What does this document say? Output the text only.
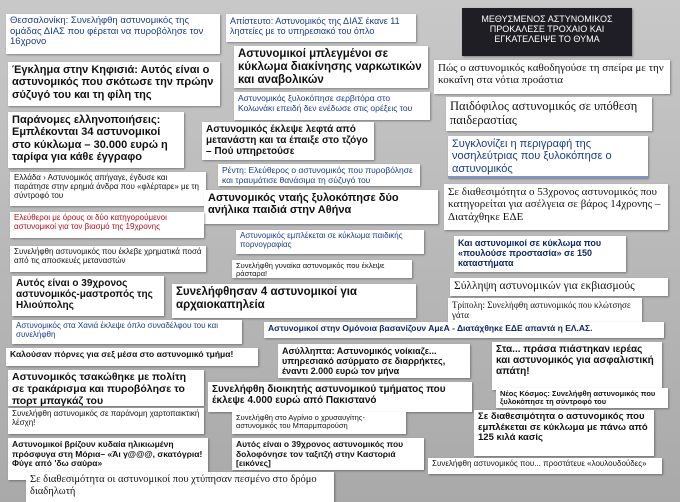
Θεσσαλονίκη: Συνελήφθη αστυνομικός της ομάδας ΔΙΑΣ που φέρεται να πυροβόλησε τον 16χρονο
Απίστευτο: Αστυνομικός της ΔΙΑΣ έκανε 11 ληστείες με το υπηρεσιακό του όπλο
ΜΕΘΥΣΜΕΝΟΣ ΑΣΤΥΝΟΜΙΚΟΣ ΠΡΟΚΑΛΕΣΕ ΤΡΟΧΑΙΟ ΚΑΙ ΕΓΚΑΤΕΛΕΙΨΕ ΤΟ ΘΥΜΑ
Αστυνομικοί μπλεγμένοι σε κύκλωμα διακίνησης ναρκωτικών και αναβολικών
Πώς ο αστυνομικός καθοδηγούσε τη σπείρα με την κοκαΐνη στα νότια προάστια
Έγκλημα στην Κηφισιά: Αυτός είναι ο αστυνομικός που σκότωσε την πρώην σύζυγό του και τη φίλη της	Αστυνομικός ξυλοκόπησε σερβιτόρα στο Κολωνάκι επειδή δεν ενέδωσε στις ορέξεις του	Παιδόφιλος αστυνομικός σε υπόθεση παιδεραστίας
Παράνομες ελληνοποιήσεις: Εμπλέκονται 34 αστυνομικοί στο κύκλωμα – 30.000 ευρώ η ταρίφα για κάθε έγγραφο
Αστυνομικός έκλεψε λεφτά από μετανάστη και τα έπαιξε στο τζόγο – Πού υπηρετούσε
Συγκλονίζει η περιγραφή της νοσηλεύτριας που ξυλοκόπησε ο αστυνομικός
Ρέντη: Ελεύθερος ο αστυνομικός που πυροβόλησε και τραυμάτισε θανάσιμα τη σύζυγό του
Ελλάδα › Αστυνομικός απήγαγε, έγδυσε και παράτησε στην ερημιά άνδρα που «φλέρταρε» με τη σύντροφό του	Σε διαθεσιμότητα ο 53χρονος αστυνομικός που κατηγορείται για ασέλγεια σε βάρος 14χρονης – Διατάχθηκε ΕΔΕ
Αστυνομικός νταής ξυλοκόπησε δύο ανήλικα παιδιά στην Αθήνα
Ελεύθεροι με όρους οι δύο κατηγορούμενοι αστυνομικοί για τον βιασμό της 19χρονης
Αστυνομικός εμπλέκεται σε κύκλωμα παιδικής πορνογραφίας	Και αστυνομικοί σε κύκλωμα που «πουλούσε προστασία» σε 150 καταστήματα
Συνελήφθη αστυνομικός που έκλεβε χρηματικά ποσά από τις αποσκευές μεταναστών
Συνελήφθη γυναίκα αστυνομικός που έκλεψε ράσταρα!
Σύλληψη αστυνομικών για εκβιασμούς
Αυτός είναι ο 39χρονος αστυνομικός-μαστροπός της Ηλιούπολης
Συνελήφθησαν 4 αστυνομικοί για αρχαιοκαπηλεία	Τρίπολη: Συνελήφθη αστυνομικός που κλώτσησε γάτα
Αστυνομικός στα Χανιά έκλεψε όπλο συναδέλφου του και συνελήφθη
Αστυνομικοί στην Ομόνοια βασανίζουν ΑμεΑ - Διατάχθηκε ΕΔΕ απαντά η ΕΛ.ΑΣ.
Καλούσαν πόρνες για σεξ μέσα στο αστυνομικό τμήμα!	Ασύλληπτα: Αστυνομικός νοίκιαζε... υπηρεσιακό ασύρματο σε διαρρήκτες, έναντι 2.000 ευρώ τον μήνα
Στα... πράσα πιάστηκαν ιερέας και αστυνομικός για ασφαλιστική απάτη!
Αστυνομικός τσακώθηκε με πολίτη σε τρακάρισμα και πυροβόλησε το πορτ μπαγκάζ του
Συνελήφθη διοικητής αστυνομικού τμήματος που έκλεψε 4.000 ευρώ από Πακιστανό
Νέος Κόσμος: Συνελήφθη αστυνομικός που ξυλοκόπησε τη σύντροφό του
Συνελήφθη αστυνομικός σε παράνομη χαρτοπαικτική λέσχη!
Συνελήφθη στο Αγρίνιο ο χρυσαυγίτης- αστυνομικός του Μπαρμπαρούση
Σε διαθεσιμότητα ο αστυνομικός που εμπλέκεται σε κύκλωμα με πάνω από 125 κιλά κασίς
Αστυνομικοί βρίζουν κυδαία ηλικιωμένη πρόσφυγα στη Μόρια– «Άι γ@@@, σκατόγρια! Φύγε από 'δω σαύρα»
Αυτός είναι ο 39χρονος αστυνομικός που δολοφόνησε τον ταξιτζή στην Καστοριά [εικόνες]	Συνελήφθη αστυνομικός που... προστάτευε «λουλουδούδες»
Σε διαθεσιμότητα οι αστυνομικοί που χτύπησαν πεσμένο στο δρόμο διαδηλωτή
